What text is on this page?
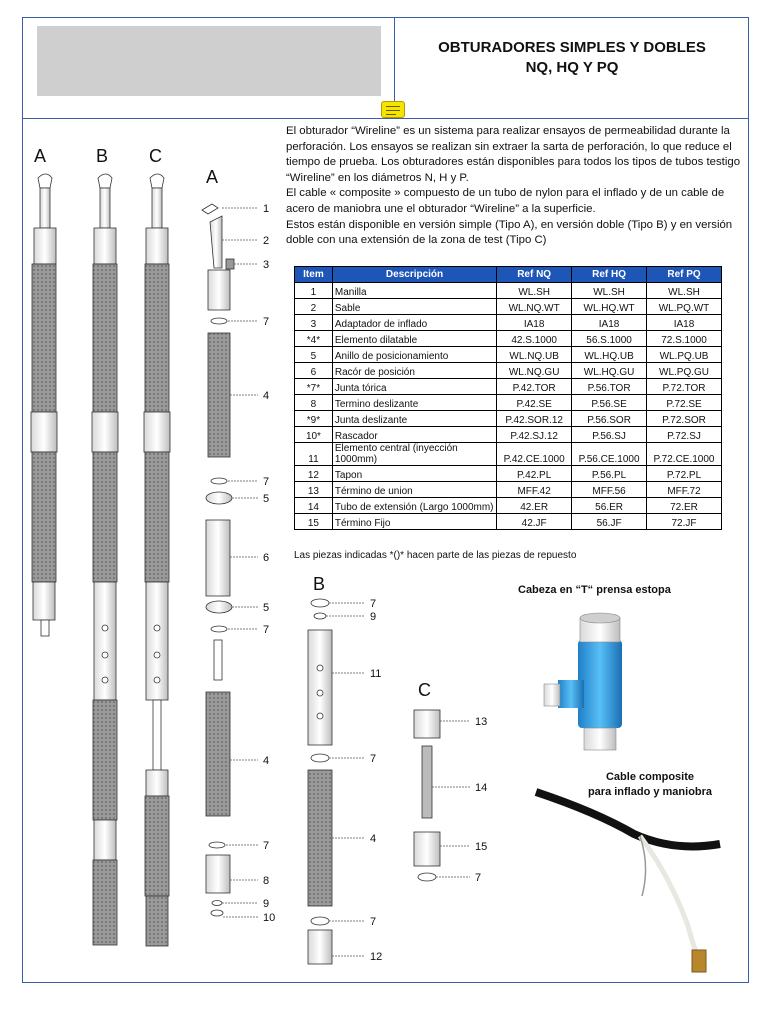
OBTURADORES SIMPLES Y DOBLES
NQ, HQ Y PQ

El obturador “Wireline” es un sistema para realizar ensayos de permeabilidad durante la perforación. Los ensayos se realizan sin extraer la sarta de perforación, lo que reduce el tiempo de prueba. Los obturadores están disponibles para todos los tipos de tubos testigo “Wireline” en los diámetros N, H y P.

El cable « composite » compuesto de un tubo de nylon para el inflado y de un cable de acero de maniobra une el obturador “Wireline” a la superficie.

Estos están disponible en versión simple (Tipo A), en versión doble (Tipo B) y en versión doble con una extensión de la zona de test (Tipo C)

Item	Descripción	Ref NQ	Ref HQ	Ref PQ
1	Manilla	WL.SH	WL.SH	WL.SH
2	Sable	WL.NQ.WT	WL.HQ.WT	WL.PQ.WT
3	Adaptador de inflado	IA18	IA18	IA18
*4*	Elemento dilatable	42.S.1000	56.S.1000	72.S.1000
5	Anillo de posicionamiento	WL.NQ.UB	WL.HQ.UB	WL.PQ.UB
6	Racór de posición	WL.NQ.GU	WL.HQ.GU	WL.PQ.GU
*7*	Junta tórica	P.42.TOR	P.56.TOR	P.72.TOR
8	Termino deslizante	P.42.SE	P.56.SE	P.72.SE
*9*	Junta deslizante	P.42.SOR.12	P.56.SOR	P.72.SOR
10*	Rascador	P.42.SJ.12	P.56.SJ	P.72.SJ
11	Elemento central (inyección 1000mm)	P.42.CE.1000	P.56.CE.1000	P.72.CE.1000
12	Tapon	P.42.PL	P.56.PL	P.72.PL
13	Término de union	MFF.42	MFF.56	MFF.72
14	Tubo de extensión (Largo 1000mm)	42.ER	56.ER	72.ER
15	Término Fijo	42.JF	56.JF	72.JF
Las piezas indicadas *()* hacen parte de las piezas de repuesto
A	B C
A
B
C
1
2
3
7
4
7
5
6
5
7
4
7
8
9
10
7
9
11
7
4
7
12
13
14
15
7
Cabeza en “T“ prensa estopa
Cable composite
para inflado y maniobra
